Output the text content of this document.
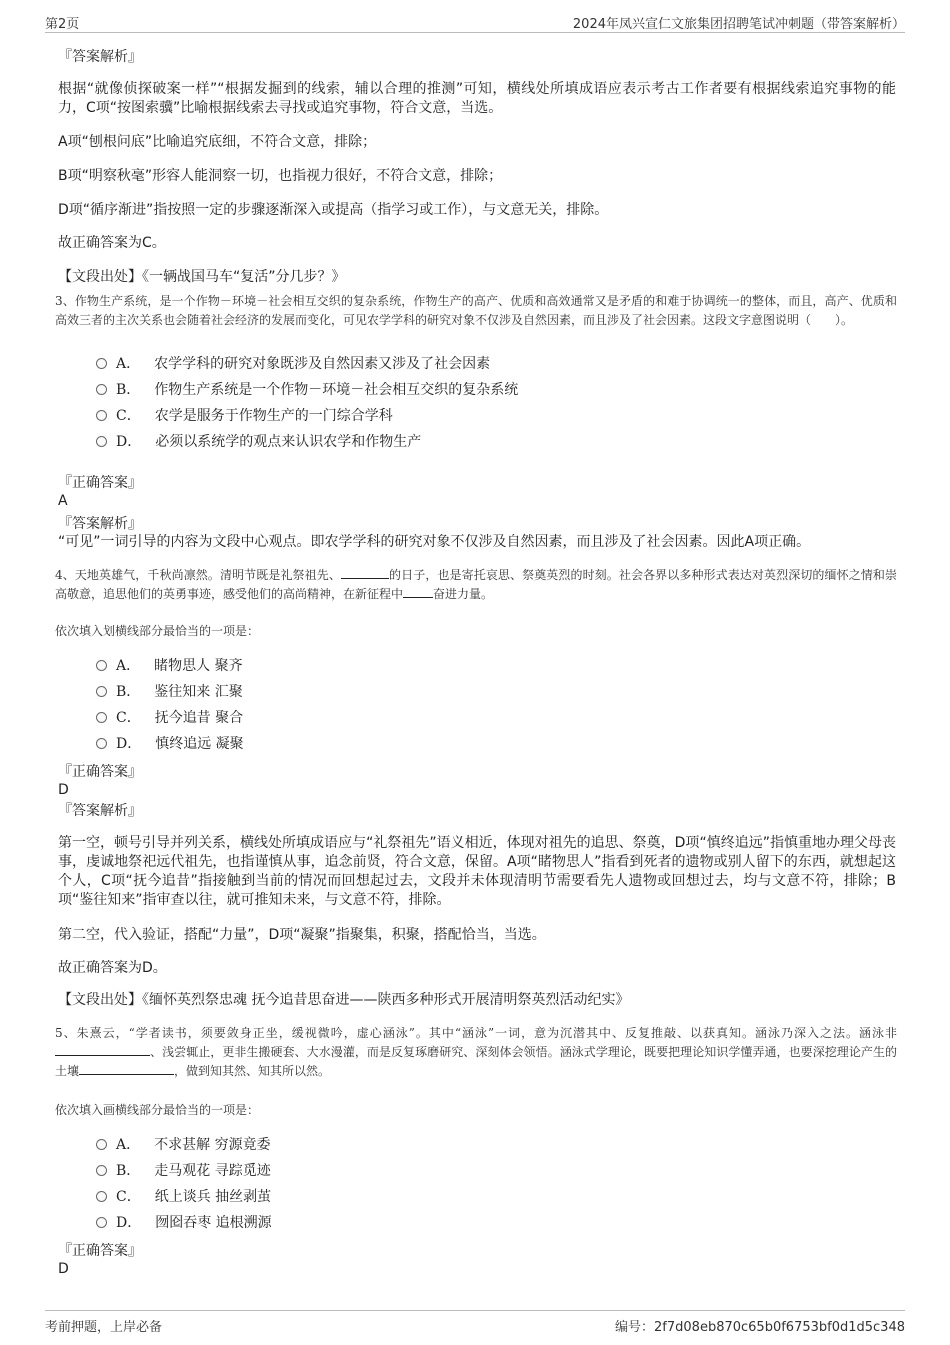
第2页	2024年凤兴宣仁文旅集团招聘笔试冲刺题（带答案解析）
『答案解析』
根据“就像侦探破案一样”“根据发掘到的线索，辅以合理的推测”可知，横线处所填成语应表示考古工作者要有根据线索追究事物的能力，C项“按图索骥”比喻根据线索去寻找或追究事物，符合文意，当选。
A项“刨根问底”比喻追究底细，不符合文意，排除；
B项“明察秋毫”形容人能洞察一切，也指视力很好，不符合文意，排除；
D项“循序渐进”指按照一定的步骤逐渐深入或提高（指学习或工作），与文意无关，排除。
故正确答案为C。
【文段出处】《一辆战国马车“复活”分几步？》
3、作物生产系统，是一个作物－环境－社会相互交织的复杂系统，作物生产的高产、优质和高效通常又是矛盾的和难于协调统一的整体，而且，高产、优质和高效三者的主次关系也会随着社会经济的发展而变化，可见农学学科的研究对象不仅涉及自然因素，而且涉及了社会因素。这段文字意图说明（　　）。
A． 农学学科的研究对象既涉及自然因素又涉及了社会因素
B． 作物生产系统是一个作物－环境－社会相互交织的复杂系统
C． 农学是服务于作物生产的一门综合学科
D． 必须以系统学的观点来认识农学和作物生产
『正确答案』
A
『答案解析』
“可见”一词引导的内容为文段中心观点。即农学学科的研究对象不仅涉及自然因素，而且涉及了社会因素。因此A项正确。
4、天地英雄气，千秋尚凛然。清明节既是礼祭祖先、	的日子，也是寄托哀思、祭奠英烈的时刻。社会各界以多种形式表达对英烈深切的缅怀之情和崇高敬意，追思他们的英勇事迹，感受他们的高尚精神，在新征程中	奋进力量。
依次填入划横线部分最恰当的一项是：
A． 睹物思人 聚齐
B． 鉴往知来 汇聚
C． 抚今追昔 聚合
D． 慎终追远 凝聚
『正确答案』
D
『答案解析』
第一空，顿号引导并列关系，横线处所填成语应与“礼祭祖先”语义相近，体现对祖先的追思、祭奠，D项“慎终追远”指慎重地办理父母丧事，虔诚地祭祀远代祖先，也指谨慎从事，追念前贤，符合文意，保留。A项“睹物思人”指看到死者的遗物或别人留下的东西，就想起这个人，C项“抚今追昔”指接触到当前的情况而回想起过去，文段并未体现清明节需要看先人遗物或回想过去，均与文意不符，排除；B项“鉴往知来”指审查以往，就可推知未来，与文意不符，排除。
第二空，代入验证，搭配“力量”，D项“凝聚”指聚集，积聚，搭配恰当，当选。
故正确答案为D。
【文段出处】《缅怀英烈祭忠魂 抚今追昔思奋进——陕西多种形式开展清明祭英烈活动纪实》
5、朱熹云，“学者读书，须要敛身正坐，缓视微吟，虚心涵泳”。其中“涵泳”一词，意为沉潜其中、反复推敲、以获真知。涵泳乃深入之法。涵泳非、浅尝辄止，更非生搬硬套、大水漫灌，而是反复琢磨研究、深刻体会领悟。涵泳式学理论，既要把理论知识学懂弄通，也要深挖理论产生的土壤	，做到知其然、知其所以然。
依次填入画横线部分最恰当的一项是：
A． 不求甚解 穷源竟委
B． 走马观花 寻踪觅迹
C． 纸上谈兵 抽丝剥茧
D． 囫囵吞枣 追根溯源
『正确答案』
D
考前押题，上岸必备	编号：2f7d08eb870c65b0f6753bf0d1d5c348
